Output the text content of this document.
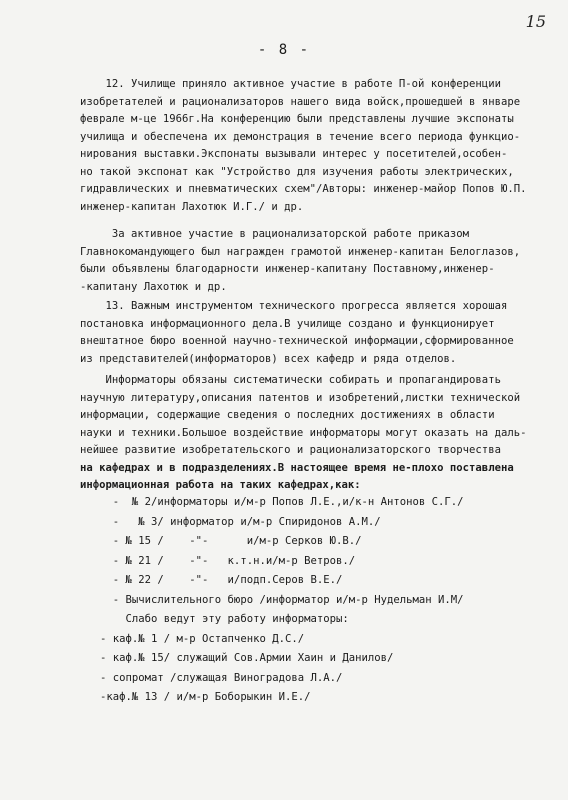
15
- 8 -
12. Училище приняло активное участие в работе П-ой конференции
изобретателей и рационализаторов нашего вида войск,прошедшей в январе
феврале м-це 1966г.На конференцию были представлены лучшие экспонаты
училища и обеспечена их демонстрация в течение всего периода функцио-
нирования выставки.Экспонаты вызывали интерес у посетителей,особен-
но такой экспонат как "Устройство для изучения работы электрических,
гидравлических и пневматических схем"/Авторы: инженер-майор Попов Ю.П.
инженер-капитан Лахотюк И.Г./ и др.
За активное участие в рационализаторской работе приказом
Главнокомандующего был награжден грамотой инженер-капитан Белоглазов,
были объявлены благодарности инженер-капитану Поставному,инженер-
-капитану Лахотюк и др.
13. Важным инструментом технического прогресса является хорошая
постановка информационного дела.В училище создано и функционирует
внештатное бюро военной научно-технической информации,сформированное
из представителей(информаторов) всех кафедр и ряда отделов.
Информаторы обязаны систематически собирать и пропагандировать
научную литературу,описания патентов и изобретений,листки технической
информации, содержащие сведения о последних достижениях в области
науки и техники.Большое воздействие информаторы могут оказать на даль-
нейшее развитие изобретательского и рационализаторского творчества
на кафедрах и в подразделениях.В настоящее время не-плохо поставлена
информационная работа на таких кафедрах,как:
-  № 2/информаторы и/м-р Попов Л.Е.,и/к-н Антонов С.Г./
-   № 3/ информатор и/м-р Спиридонов А.М./
- № 15 /    -"-      и/м-р Серков Ю.В./
- № 21 /    -"-   к.т.н.и/м-р Ветров./
- № 22 /    -"-   и/подп.Серов В.Е./
- Вычислительного бюро /информатор и/м-р Нудельман И.М/
Слабо ведут эту работу информаторы:
- каф.№ 1 / м-р Остапченко Д.С./
- каф.№ 15/ служащий Сов.Армии Хаин и Данилов/
- сопромат /служащая Виноградова Л.А./
-каф.№ 13 / и/м-р Боборыкин И.Е./
